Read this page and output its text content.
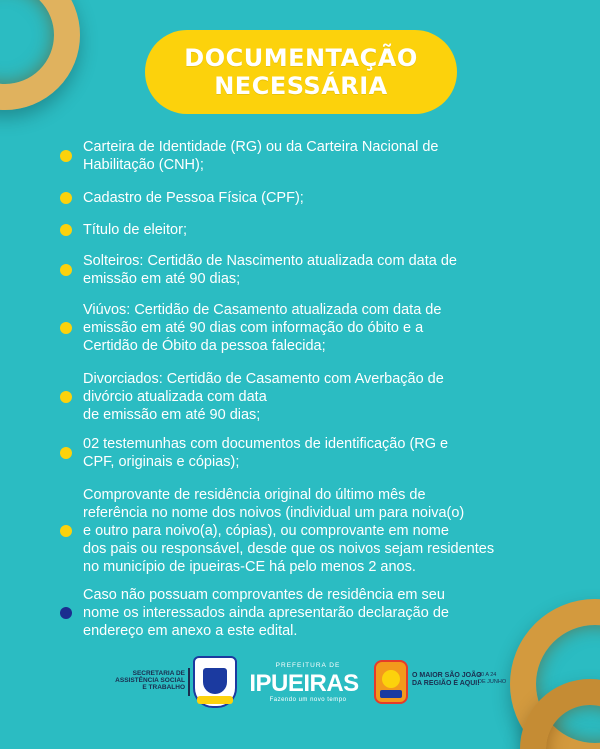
DOCUMENTAÇÃO
NECESSÁRIA
Carteira de Identidade (RG) ou da Carteira Nacional de
Habilitação (CNH);
Cadastro de Pessoa Física (CPF);
Título de eleitor;
Solteiros: Certidão de Nascimento atualizada com data de
emissão em até 90 dias;
Viúvos: Certidão de Casamento atualizada com data de
emissão em até 90 dias com informação do óbito e a
Certidão de Óbito da pessoa falecida;
Divorciados: Certidão de Casamento com Averbação de
divórcio atualizada com data
de emissão em até 90 dias;
02 testemunhas com documentos de identificação (RG e
CPF, originais e cópias);
Comprovante de residência original do último mês de
referência no nome dos noivos (individual um para noiva(o)
e outro para noivo(a), cópias), ou comprovante em nome
dos pais ou responsável, desde que os noivos sejam residentes
no município de ipueiras-CE há pelo menos 2 anos.
Caso não possuam comprovantes de residência em seu
nome os interessados ainda apresentarão declaração de
endereço em anexo a este edital.
SECRETARIA DE
ASSISTÊNCIA SOCIAL
E TRABALHO
PREFEITURA DE
IPUEIRAS
Fazendo um novo tempo
O MAIOR SÃO JOÃO
DA REGIÃO É AQUI!
20 A 24
DE JUNHO
